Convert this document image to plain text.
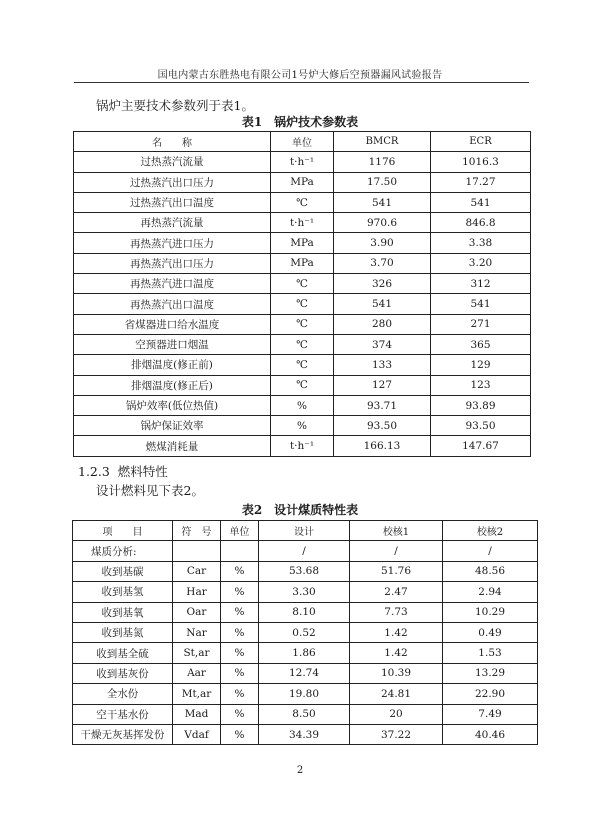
国电内蒙古东胜热电有限公司1号炉大修后空预器漏风试验报告
锅炉主要技术参数列于表1。
表1　锅炉技术参数表
名　　称	单位	BMCR	ECR
过热蒸汽流量	t·h⁻¹	1176	1016.3
过热蒸汽出口压力	MPa	17.50	17.27
过热蒸汽出口温度	℃	541	541
再热蒸汽流量	t·h⁻¹	970.6	846.8
再热蒸汽进口压力	MPa	3.90	3.38
再热蒸汽出口压力	MPa	3.70	3.20
再热蒸汽进口温度	℃	326	312
再热蒸汽出口温度	℃	541	541
省煤器进口给水温度	℃	280	271
空预器进口烟温	℃	374	365
排烟温度(修正前)	℃	133	129
排烟温度(修正后)	℃	127	123
锅炉效率(低位热值)	%	93.71	93.89
锅炉保证效率	%	93.50	93.50
燃煤消耗量	t·h⁻¹	166.13	147.67
1.2.3 燃料特性
设计燃料见下表2。
表2　设计煤质特性表
项　　目	符　号	单位	设计	校核1	校核2
煤质分析:			/	/	/
收到基碳	Car	%	53.68	51.76	48.56
收到基氢	Har	%	3.30	2.47	2.94
收到基氧	Oar	%	8.10	7.73	10.29
收到基氮	Nar	%	0.52	1.42	0.49
收到基全硫	St,ar	%	1.86	1.42	1.53
收到基灰份	Aar	%	12.74	10.39	13.29
全水份	Mt,ar	%	19.80	24.81	22.90
空干基水份	Mad	%	8.50	20	7.49
干燥无灰基挥发份	Vdaf	%	34.39	37.22	40.46
2
